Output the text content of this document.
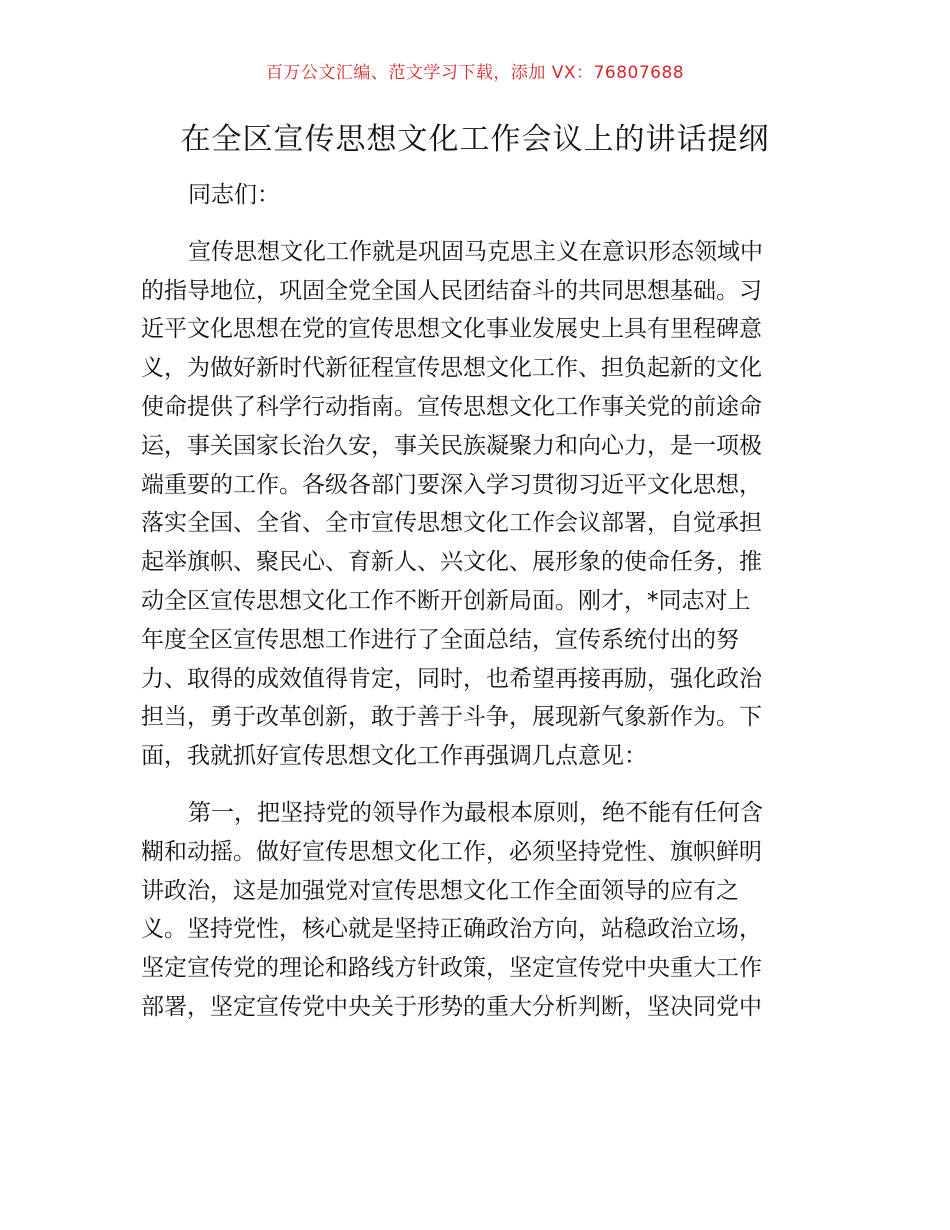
百万公文汇编、范文学习下载，添加 VX：76807688
在全区宣传思想文化工作会议上的讲话提纲
同志们：
宣传思想文化工作就是巩固马克思主义在意识形态领域中
的指导地位，巩固全党全国人民团结奋斗的共同思想基础。习
近平文化思想在党的宣传思想文化事业发展史上具有里程碑意
义，为做好新时代新征程宣传思想文化工作、担负起新的文化
使命提供了科学行动指南。宣传思想文化工作事关党的前途命
运，事关国家长治久安，事关民族凝聚力和向心力，是一项极
端重要的工作。各级各部门要深入学习贯彻习近平文化思想，
落实全国、全省、全市宣传思想文化工作会议部署，自觉承担
起举旗帜、聚民心、育新人、兴文化、展形象的使命任务，推
动全区宣传思想文化工作不断开创新局面。刚才，*同志对上
年度全区宣传思想工作进行了全面总结，宣传系统付出的努
力、取得的成效值得肯定，同时，也希望再接再励，强化政治
担当，勇于改革创新，敢于善于斗争，展现新气象新作为。下
面，我就抓好宣传思想文化工作再强调几点意见：
第一，把坚持党的领导作为最根本原则，绝不能有任何含
糊和动摇。做好宣传思想文化工作，必须坚持党性、旗帜鲜明
讲政治，这是加强党对宣传思想文化工作全面领导的应有之
义。坚持党性，核心就是坚持正确政治方向，站稳政治立场，
坚定宣传党的理论和路线方针政策，坚定宣传党中央重大工作
部署，坚定宣传党中央关于形势的重大分析判断，坚决同党中
